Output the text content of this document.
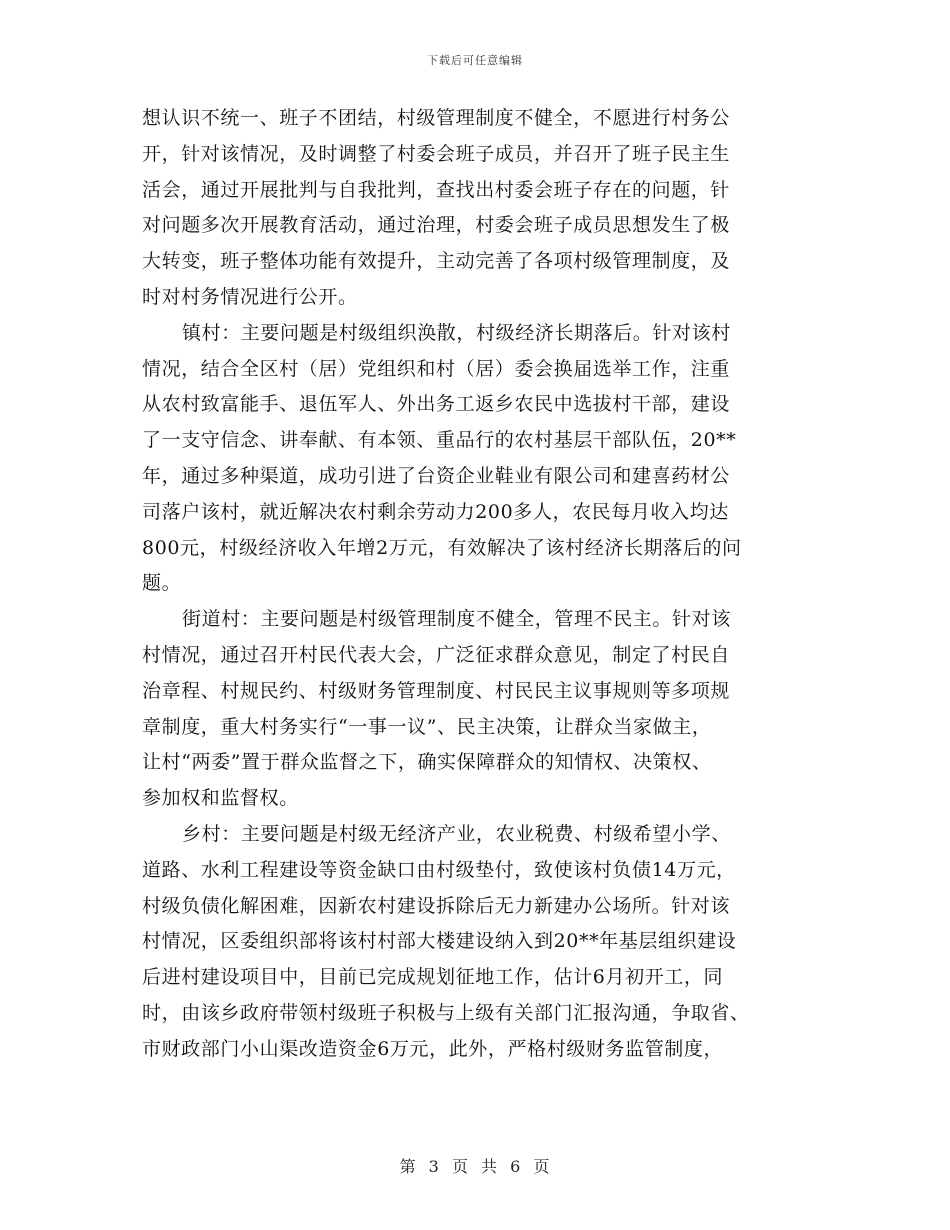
下载后可任意编辑
想认识不统一、班子不团结，村级管理制度不健全，不愿进行村务公
开，针对该情况，及时调整了村委会班子成员，并召开了班子民主生
活会，通过开展批判与自我批判，查找出村委会班子存在的问题，针
对问题多次开展教育活动，通过治理，村委会班子成员思想发生了极
大转变，班子整体功能有效提升，主动完善了各项村级管理制度，及
时对村务情况进行公开。
镇村：主要问题是村级组织涣散，村级经济长期落后。针对该村
情况，结合全区村（居）党组织和村（居）委会换届选举工作，注重
从农村致富能手、退伍军人、外出务工返乡农民中选拔村干部，建设
了一支守信念、讲奉献、有本领、重品行的农村基层干部队伍，20**
年，通过多种渠道，成功引进了台资企业鞋业有限公司和建喜药材公
司落户该村，就近解决农村剩余劳动力200多人，农民每月收入均达
800元，村级经济收入年增2万元，有效解决了该村经济长期落后的问
题。
街道村：主要问题是村级管理制度不健全，管理不民主。针对该
村情况，通过召开村民代表大会，广泛征求群众意见，制定了村民自
治章程、村规民约、村级财务管理制度、村民民主议事规则等多项规
章制度，重大村务实行“一事一议”、民主决策，让群众当家做主，
让村“两委”置于群众监督之下，确实保障群众的知情权、决策权、
参加权和监督权。
乡村：主要问题是村级无经济产业，农业税费、村级希望小学、
道路、水利工程建设等资金缺口由村级垫付，致使该村负债14万元，
村级负债化解困难，因新农村建设拆除后无力新建办公场所。针对该
村情况，区委组织部将该村村部大楼建设纳入到20**年基层组织建设
后进村建设项目中，目前已完成规划征地工作，估计6月初开工，同
时，由该乡政府带领村级班子积极与上级有关部门汇报沟通，争取省、
市财政部门小山渠改造资金6万元，此外，严格村级财务监管制度，
第 3 页 共 6 页
